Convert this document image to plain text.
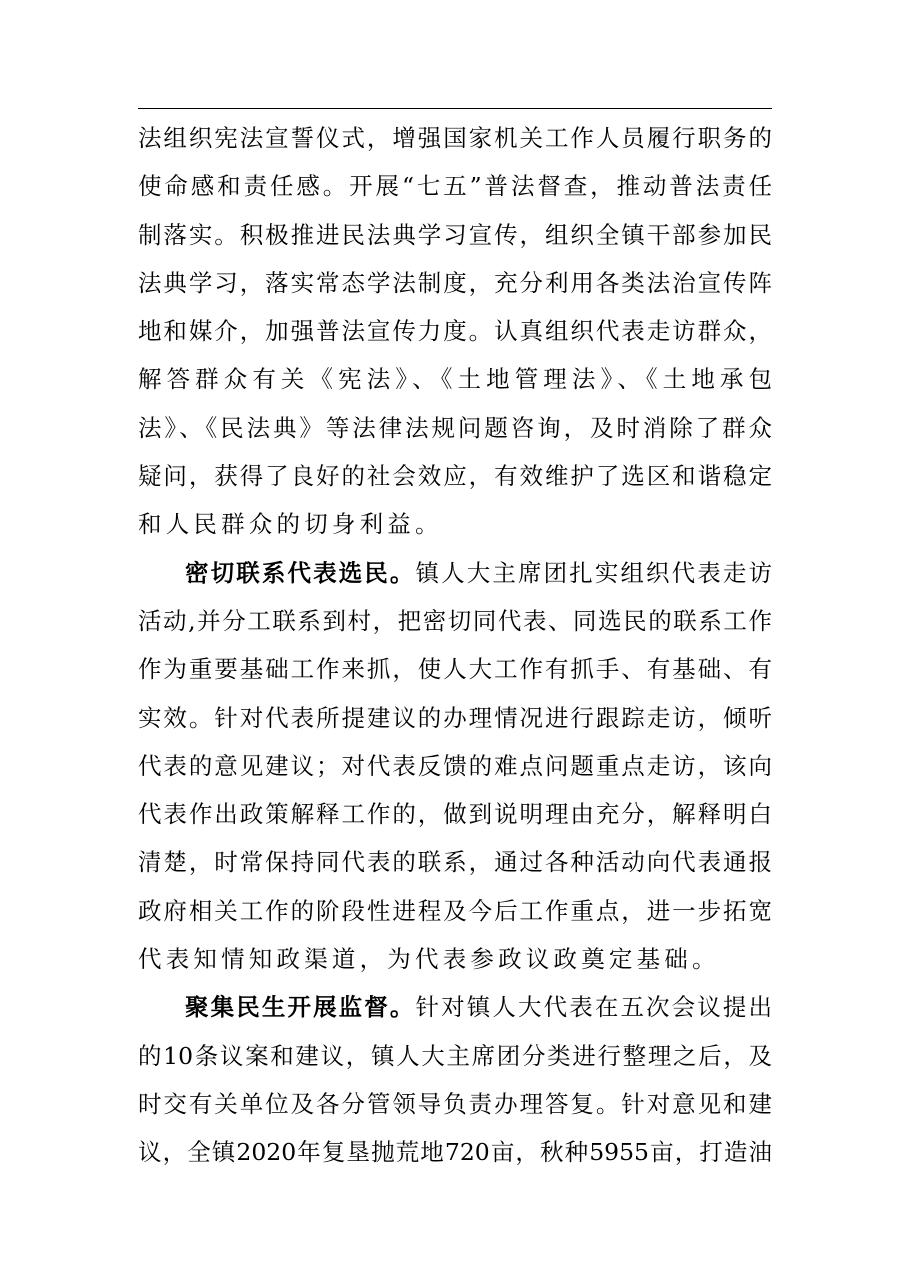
法组织宪法宣誓仪式，增强国家机关工作人员履行职务的
使命感和责任感。开展“七五”普法督查，推动普法责任
制落实。积极推进民法典学习宣传，组织全镇干部参加民
法典学习，落实常态学法制度，充分利用各类法治宣传阵
地和媒介，加强普法宣传力度。认真组织代表走访群众，
解答群众有关《宪法》、《土地管理法》、《土地承包
法》、《民法典》等法律法规问题咨询，及时消除了群众
疑问，获得了良好的社会效应，有效维护了选区和谐稳定
和人民群众的切身利益。
密切联系代表选民。镇人大主席团扎实组织代表走访
活动,并分工联系到村，把密切同代表、同选民的联系工作
作为重要基础工作来抓，使人大工作有抓手、有基础、有
实效。针对代表所提建议的办理情况进行跟踪走访，倾听
代表的意见建议；对代表反馈的难点问题重点走访，该向
代表作出政策解释工作的，做到说明理由充分，解释明白
清楚，时常保持同代表的联系，通过各种活动向代表通报
政府相关工作的阶段性进程及今后工作重点，进一步拓宽
代表知情知政渠道，为代表参政议政奠定基础。
聚集民生开展监督。针对镇人大代表在五次会议提出
的10条议案和建议，镇人大主席团分类进行整理之后，及
时交有关单位及各分管领导负责办理答复。针对意见和建
议，全镇2020年复垦抛荒地720亩，秋种5955亩，打造油
